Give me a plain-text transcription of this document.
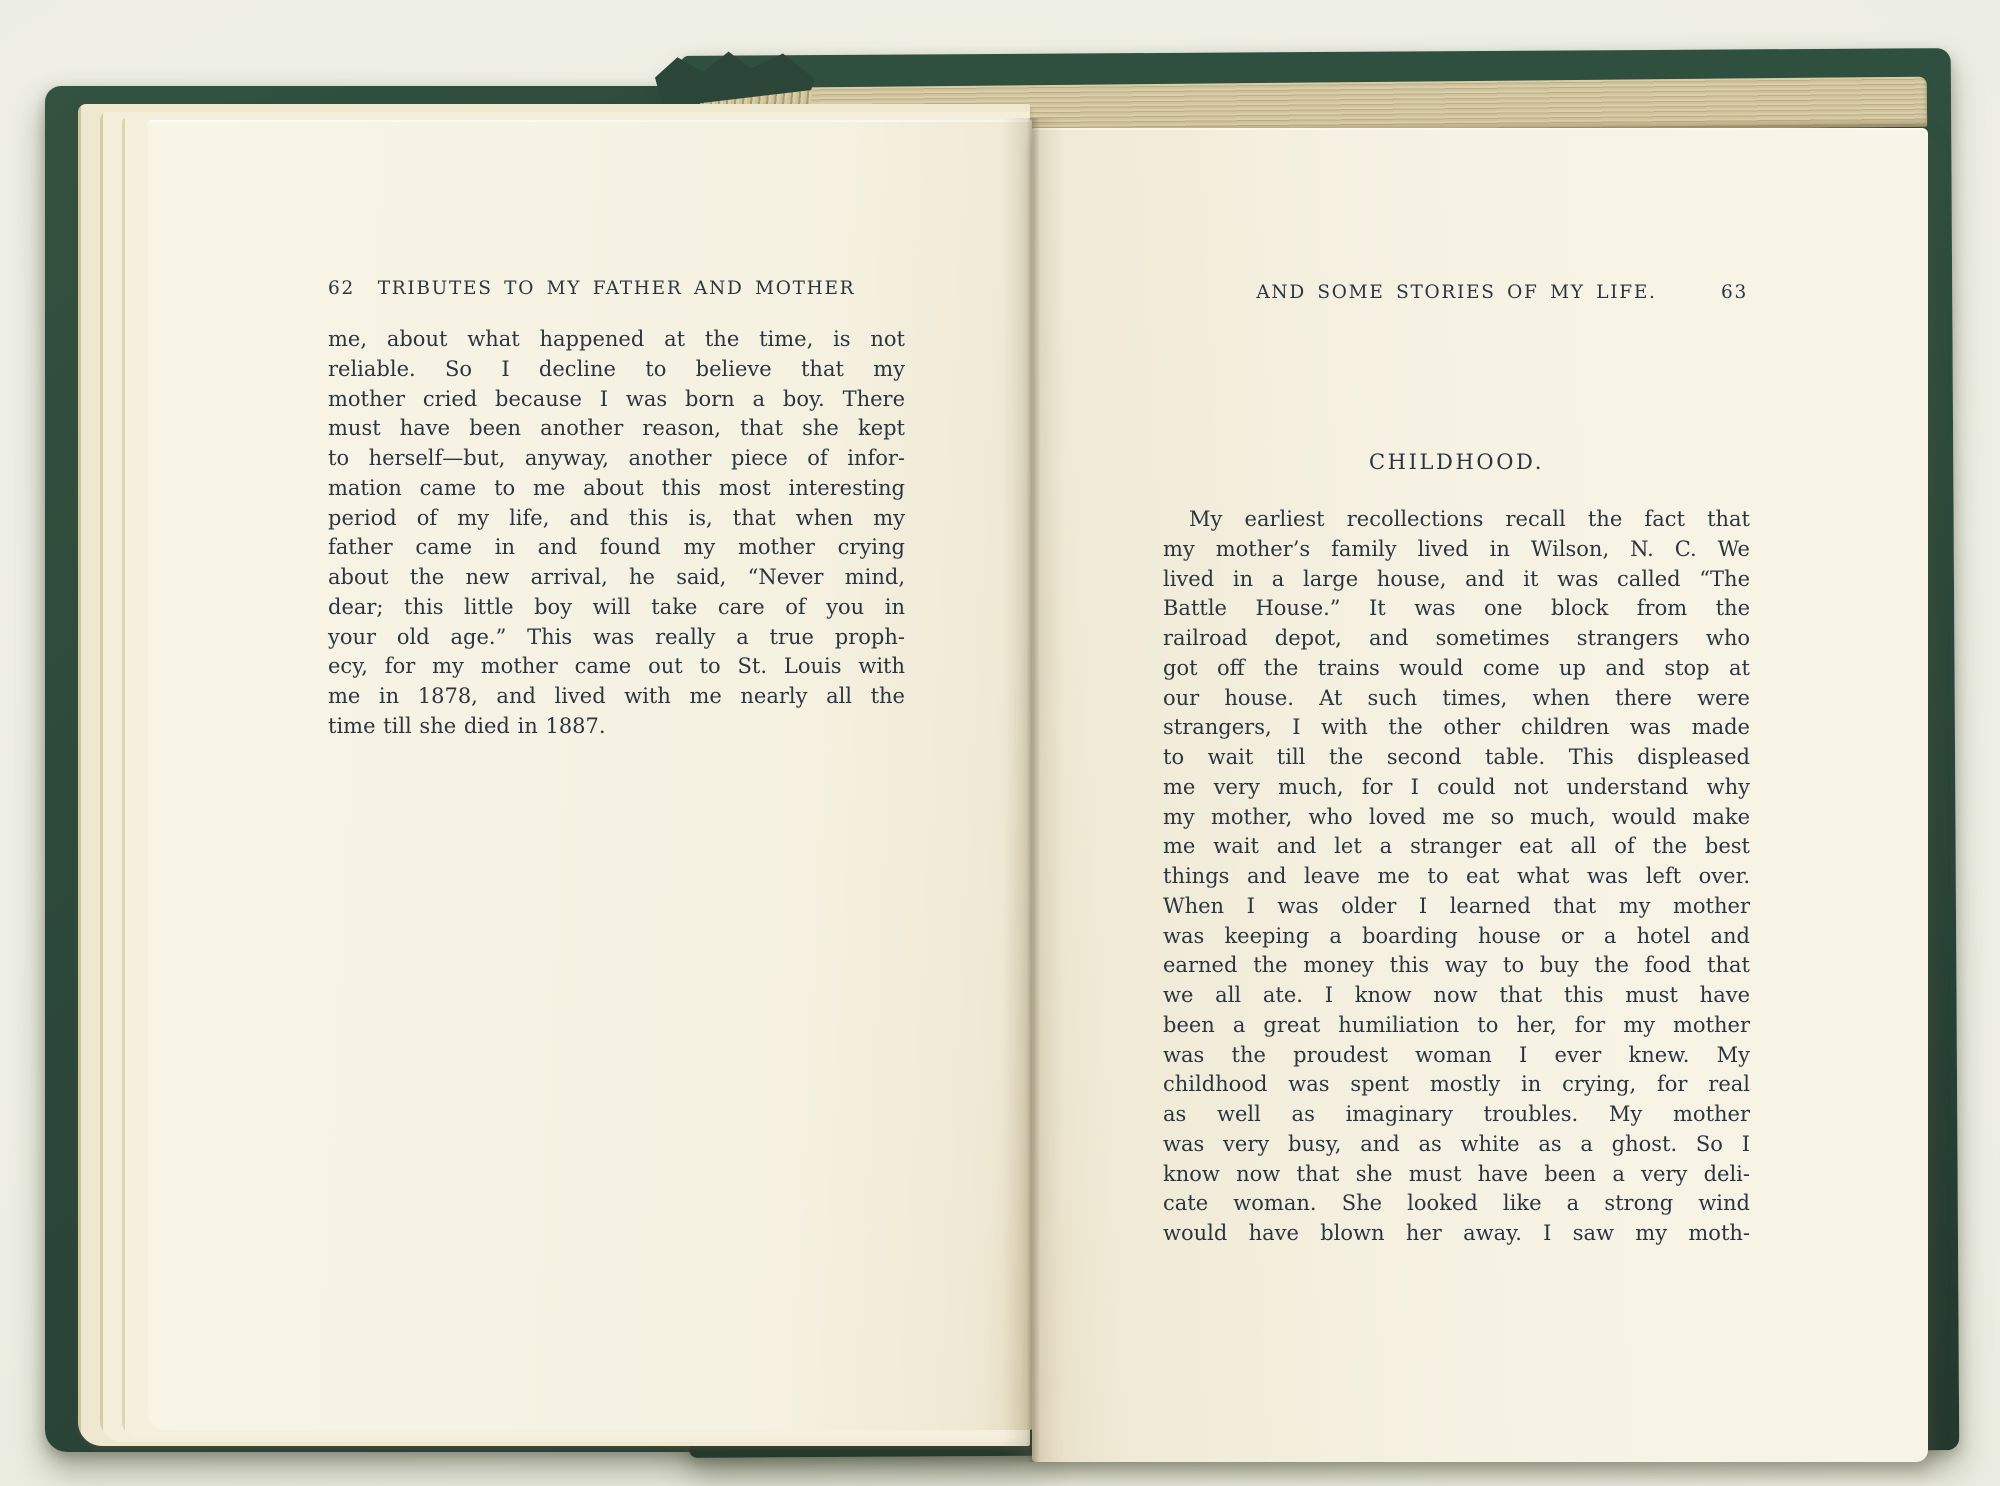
62	TRIBUTES TO MY FATHER AND MOTHER
me, about what happened at the time, is not
reliable. So I decline to believe that my
mother cried because I was born a boy. There
must have been another reason, that she kept
to herself—but, anyway, another piece of infor-
mation came to me about this most interesting
period of my life, and this is, that when my
father came in and found my mother crying
about the new arrival, he said, “Never mind,
dear; this little boy will take care of you in
your old age.” This was really a true proph-
ecy, for my mother came out to St. Louis with
me in 1878, and lived with me nearly all the
time till she died in 1887.
AND SOME STORIES OF MY LIFE.	63
CHILDHOOD.
My earliest recollections recall the fact that
my mother’s family lived in Wilson, N. C. We
lived in a large house, and it was called “The
Battle House.” It was one block from the
railroad depot, and sometimes strangers who
got off the trains would come up and stop at
our house. At such times, when there were
strangers, I with the other children was made
to wait till the second table. This displeased
me very much, for I could not understand why
my mother, who loved me so much, would make
me wait and let a stranger eat all of the best
things and leave me to eat what was left over.
When I was older I learned that my mother
was keeping a boarding house or a hotel and
earned the money this way to buy the food that
we all ate. I know now that this must have
been a great humiliation to her, for my mother
was the proudest woman I ever knew. My
childhood was spent mostly in crying, for real
as well as imaginary troubles. My mother
was very busy, and as white as a ghost. So I
know now that she must have been a very deli-
cate woman. She looked like a strong wind
would have blown her away. I saw my moth-
